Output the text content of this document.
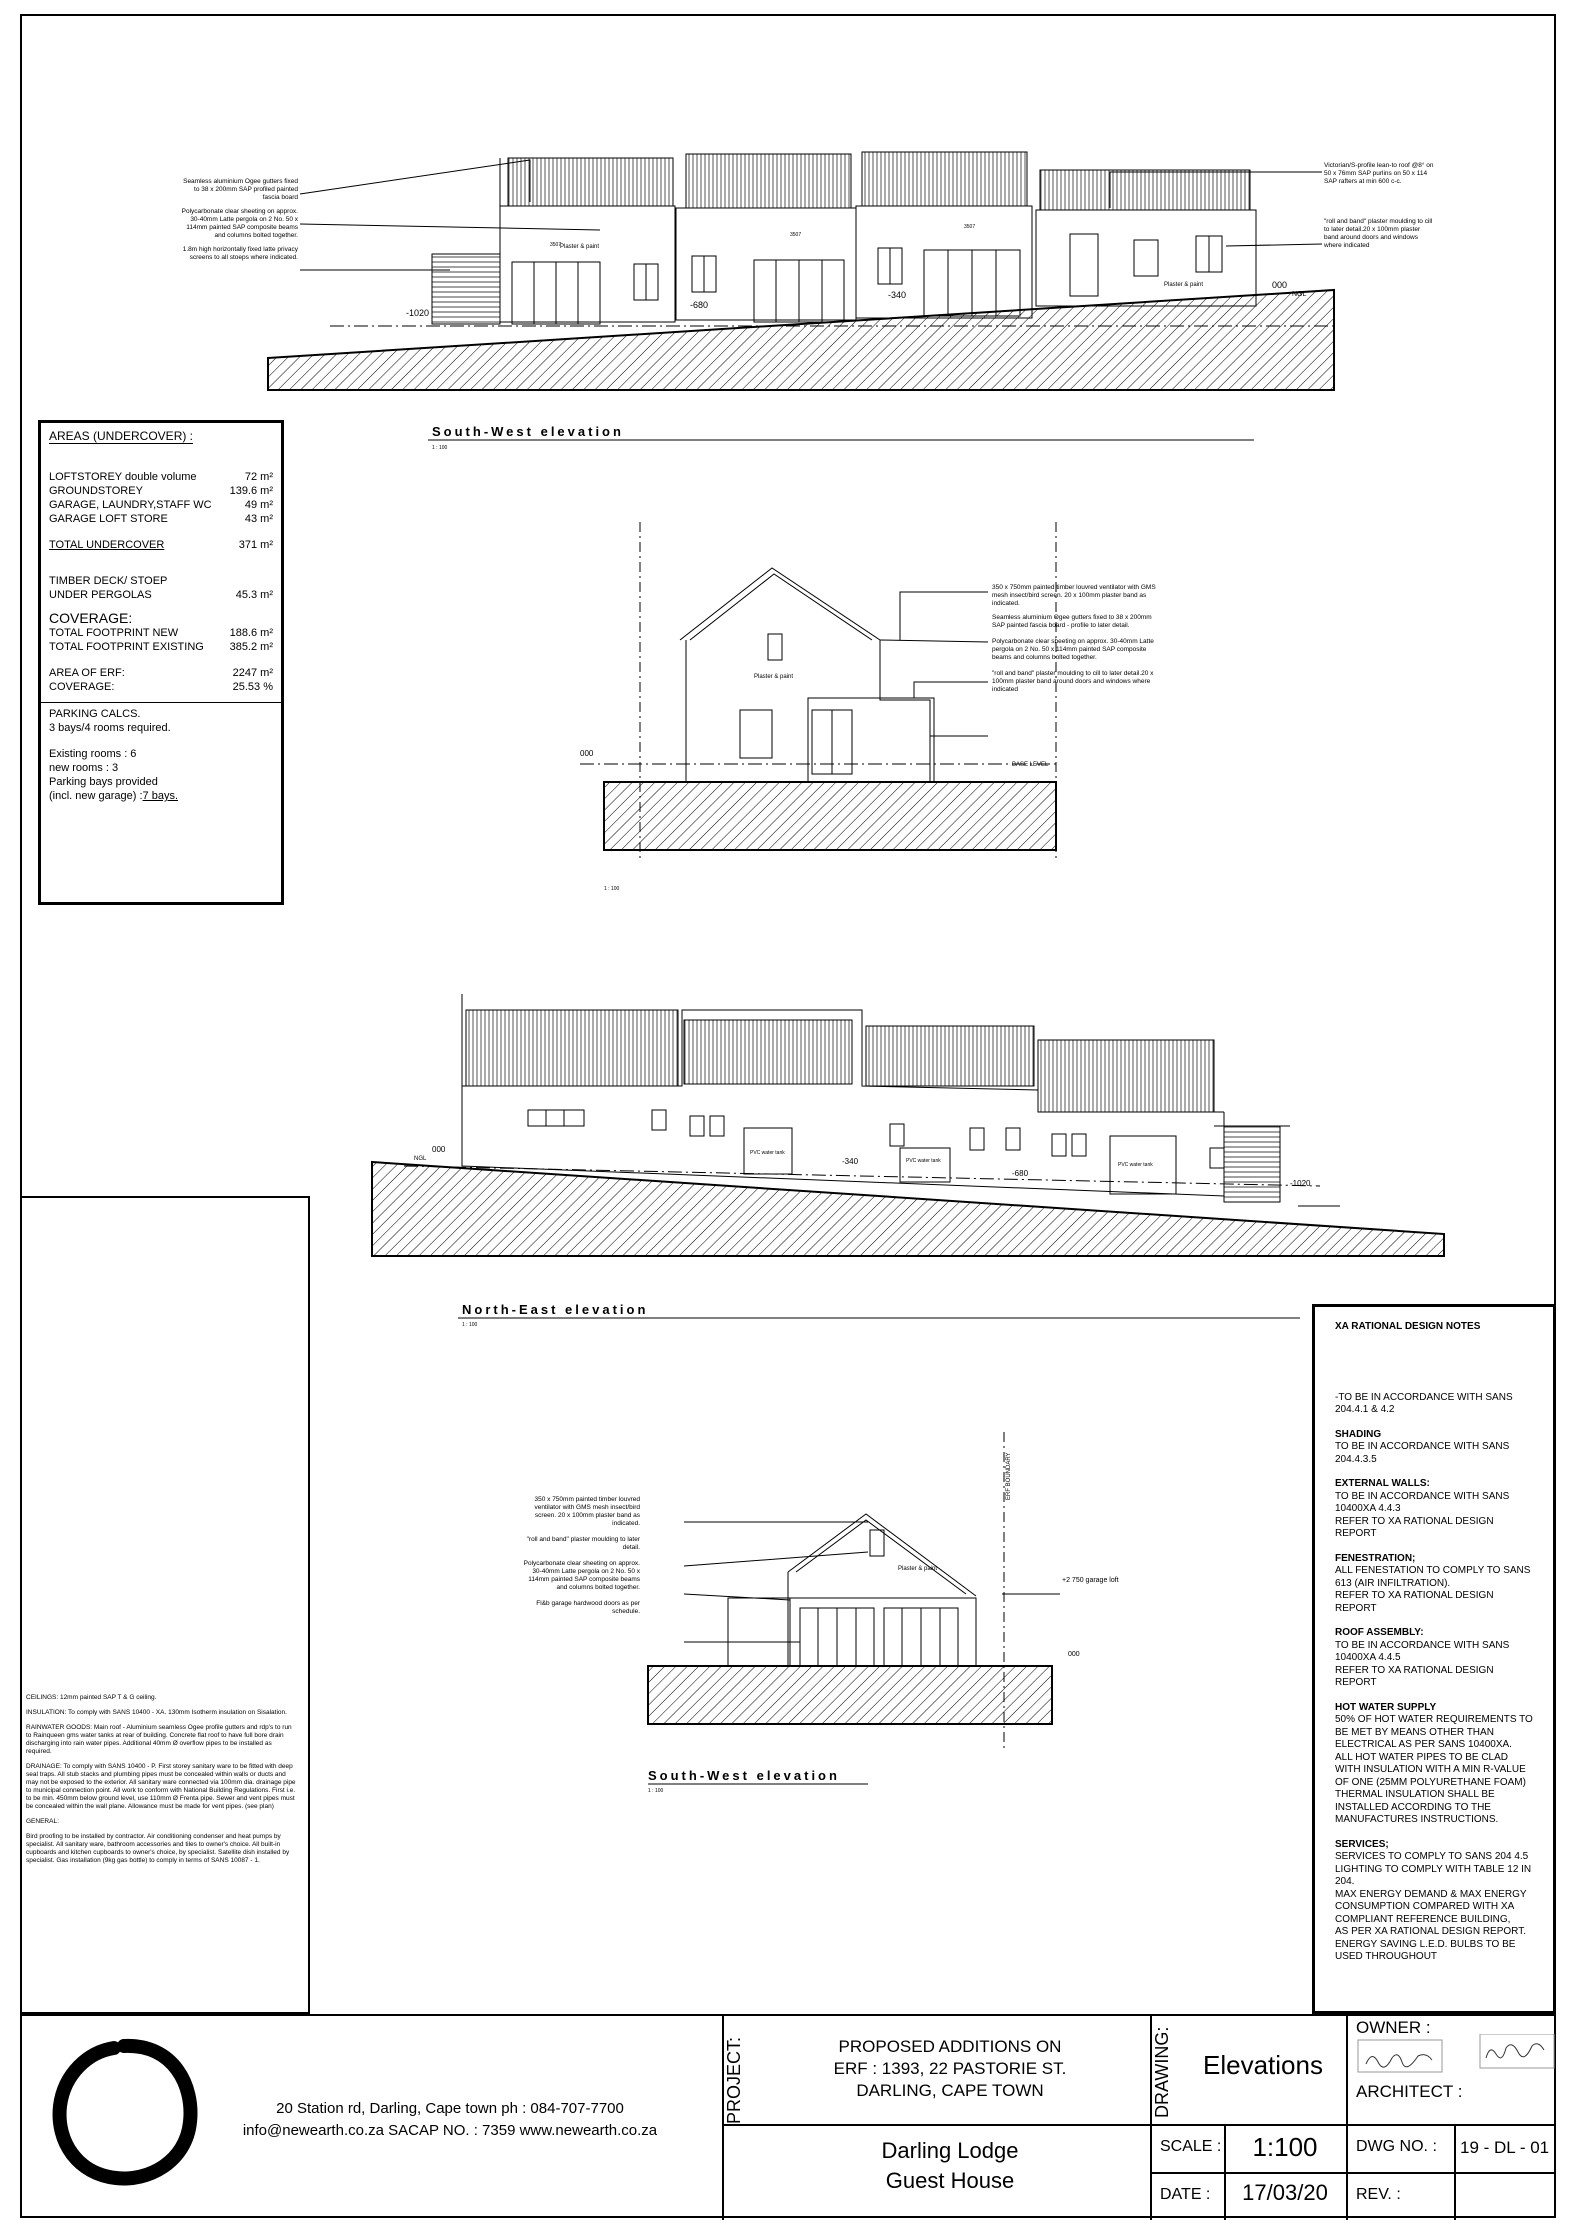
-1020
-680
-340
000
NGL
Plaster & paint
Plaster & paint
3507
3507
3507
South-West elevation
1 : 100
000
BASE LEVEL
Plaster & paint
1 : 100
000
NGL	-340
-680
-1020
PVC water tank
PVC water tank
PVC water tank
North-East elevation
1 : 100
ERF BOUNDARY
+2 750 garage loft
000
Plaster & paint
South-West elevation
1 : 100
Seamless aluminium Ogee gutters fixed to 38 x 200mm SAP profiled painted fascia board
Polycarbonate clear sheeting on approx. 30-40mm Latte pergola on 2 No. 50 x 114mm painted SAP composite beams and columns bolted together.
1.8m high horizontally fixed latte privacy screens to all stoeps where indicated.
Victorian/S-profile lean-to roof @8° on 50 x 76mm SAP purlins on 50 x 114 SAP rafters at min 600 c-c.
"roll and band" plaster moulding to cill to later detail.20 x 100mm plaster band around doors and windows where indicated
350 x 750mm painted timber louvred ventilator with GMS mesh insect/bird screen. 20 x 100mm plaster band as indicated.
Seamless aluminium Ogee gutters fixed to 38 x 200mm SAP painted fascia board - profile to later detail.
Polycarbonate clear sheeting on approx. 30-40mm Latte pergola on 2 No. 50 x 114mm painted SAP composite beams and columns bolted together.
"roll and band" plaster moulding to cill to later detail.20 x 100mm plaster band around doors and windows where indicated
350 x 750mm painted timber louvred ventilator with GMS mesh insect/bird screen. 20 x 100mm plaster band as indicated.
"roll and band" plaster moulding to later detail.
Polycarbonate clear sheeting on approx. 30-40mm Latte pergola on 2 No. 50 x 114mm painted SAP composite beams and columns bolted together.
Fl&b garage hardwood doors as per schedule.
AREAS (UNDERCOVER) :
LOFTSTOREY double volume	72 m²
GROUNDSTOREY	139.6 m²
GARAGE, LAUNDRY,STAFF WC	49 m²
GARAGE LOFT STORE	43 m²
TOTAL UNDERCOVER	371 m²
TIMBER DECK/ STOEP
UNDER PERGOLAS	45.3 m²
COVERAGE:
TOTAL FOOTPRINT NEW	188.6 m²
TOTAL FOOTPRINT EXISTING 385.2 m²
AREA OF ERF:	2247 m²
COVERAGE:	25.53 %
PARKING CALCS.
3 bays/4 rooms required.
Existing rooms : 6
new rooms : 3
Parking bays provided
(incl. new garage) :7 bays.

CEILINGS: 12mm painted SAP T & G ceiling.

INSULATION: To comply with SANS 10400 - XA. 130mm Isotherm insulation on Sisalation.

RAINWATER GOODS: Main roof - Aluminium seamless Ogee profile gutters and rdp's to run to Rainqueen gms water tanks at rear of building. Concrete flat roof to have full bore drain discharging into rain water pipes. Additional 40mm Ø overflow pipes to be installed as required.

DRAINAGE: To comply with SANS 10400 - P. First storey sanitary ware to be fitted with deep seal traps. All stub stacks and plumbing pipes must be concealed within walls or ducts and may not be exposed to the exterior. All sanitary ware connected via 100mm dia. drainage pipe to municipal connection point. All work to conform with National Building Regulations. First i.e. to be min. 450mm below ground level, use 110mm Ø Frenta pipe. Sewer and vent pipes must be concealed within the wall plane. Allowance must be made for vent pipes. (see plan)

GENERAL:

Bird proofing to be installed by contractor. Air conditioning condenser and heat pumps by specialist. All sanitary ware, bathroom accessories and tiles to owner's choice. All built-in cupboards and kitchen cupboards to owner's choice, by specialist. Satellite dish installed by specialist. Gas installation (9kg gas bottle) to comply in terms of SANS 10087 - 1.

XA RATIONAL DESIGN NOTES
-TO BE IN ACCORDANCE WITH SANS 204.4.1 & 4.2
SHADING
TO BE IN ACCORDANCE WITH SANS 204.4.3.5
EXTERNAL WALLS:
TO BE IN ACCORDANCE WITH SANS 10400XA 4.4.3
REFER TO XA RATIONAL DESIGN REPORT
FENESTRATION;
ALL FENESTATION TO COMPLY TO SANS 613 (AIR INFILTRATION).
REFER TO XA RATIONAL DESIGN REPORT
ROOF ASSEMBLY:
TO BE IN ACCORDANCE WITH SANS 10400XA 4.4.5
REFER TO XA RATIONAL DESIGN REPORT
HOT WATER SUPPLY
50% OF HOT WATER REQUIREMENTS TO BE MET BY MEANS OTHER THAN ELECTRICAL AS PER SANS 10400XA.
ALL HOT WATER PIPES TO BE CLAD WITH INSULATION WITH A MIN R-VALUE OF ONE (25MM POLYURETHANE FOAM)
THERMAL INSULATION SHALL BE INSTALLED ACCORDING TO THE MANUFACTURES INSTRUCTIONS.
SERVICES;
SERVICES TO COMPLY TO SANS 204 4.5
LIGHTING TO COMPLY WITH TABLE 12 IN 204.
MAX ENERGY DEMAND & MAX ENERGY CONSUMPTION COMPARED WITH XA COMPLIANT REFERENCE BUILDING,
AS PER XA RATIONAL DESIGN REPORT.
ENERGY SAVING L.E.D. BULBS TO BE USED THROUGHOUT
20 Station rd, Darling, Cape town ph : 084-707-7700
info@newearth.co.za SACAP NO. : 7359 www.newearth.co.za
PROJECT:	PROPOSED ADDITIONS ON
ERF : 1393, 22 PASTORIE ST.
DARLING, CAPE TOWN
Darling Lodge
Guest House
DRAWING:	Elevations
SCALE :	1:100
DATE :	17/03/20
OWNER :
ARCHITECT :
DWG NO. : 19 - DL - 01
REV. :
